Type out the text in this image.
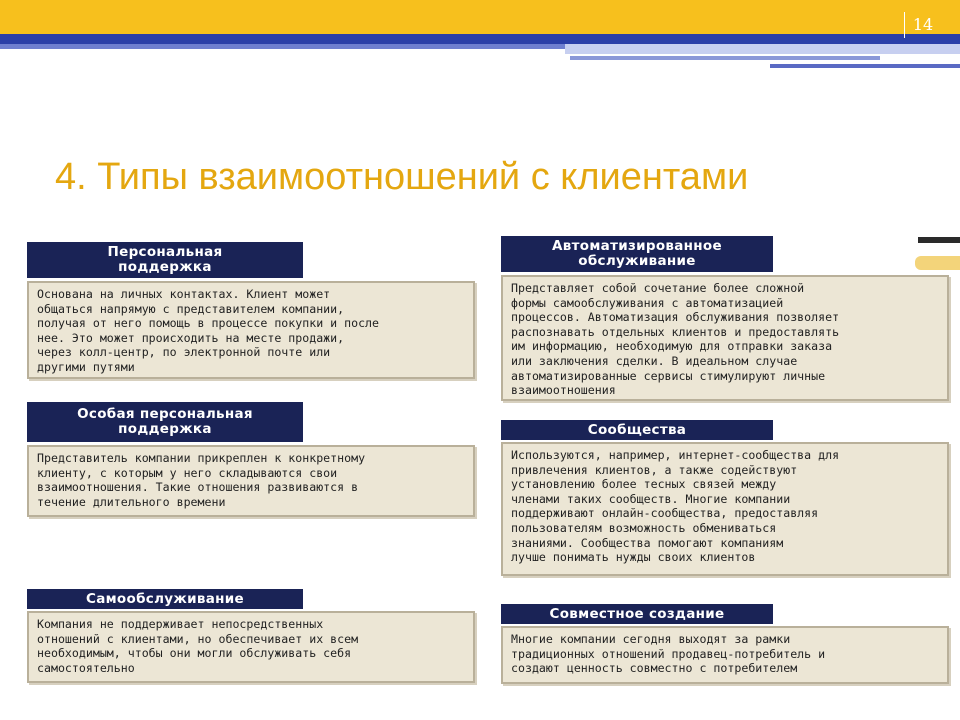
14
4. Типы взаимоотношений с клиентами
Персональная
поддержка
Основана на личных контактах. Клиент может
общаться напрямую с представителем компании,
получая от него помощь в процессе покупки и после
нее. Это может происходить на месте продажи,
через колл-центр, по электронной почте или
другими путями
Особая персональная
поддержка
Представитель компании прикреплен к конкретному
клиенту, с которым у него складываются свои
взаимоотношения. Такие отношения развиваются в
течение длительного времени
Самообслуживание
Компания не поддерживает непосредственных
отношений с клиентами, но обеспечивает их всем
необходимым, чтобы они могли обслуживать себя
самостоятельно
Автоматизированное
обслуживание
Представляет собой сочетание более сложной
формы самообслуживания с автоматизацией
процессов. Автоматизация обслуживания позволяет
распознавать отдельных клиентов и предоставлять
им информацию, необходимую для отправки заказа
или заключения сделки. В идеальном случае
автоматизированные сервисы стимулируют личные
взаимоотношения
Сообщества
Используются, например, интернет-сообщества для
привлечения клиентов, а также содействуют
установлению более тесных связей между
членами таких сообществ. Многие компании
поддерживают онлайн-сообщества, предоставляя
пользователям возможность обмениваться
знаниями. Сообщества помогают компаниям
лучше понимать нужды своих клиентов
Совместное создание
Многие компании сегодня выходят за рамки
традиционных отношений продавец-потребитель и
создают ценность совместно с потребителем
